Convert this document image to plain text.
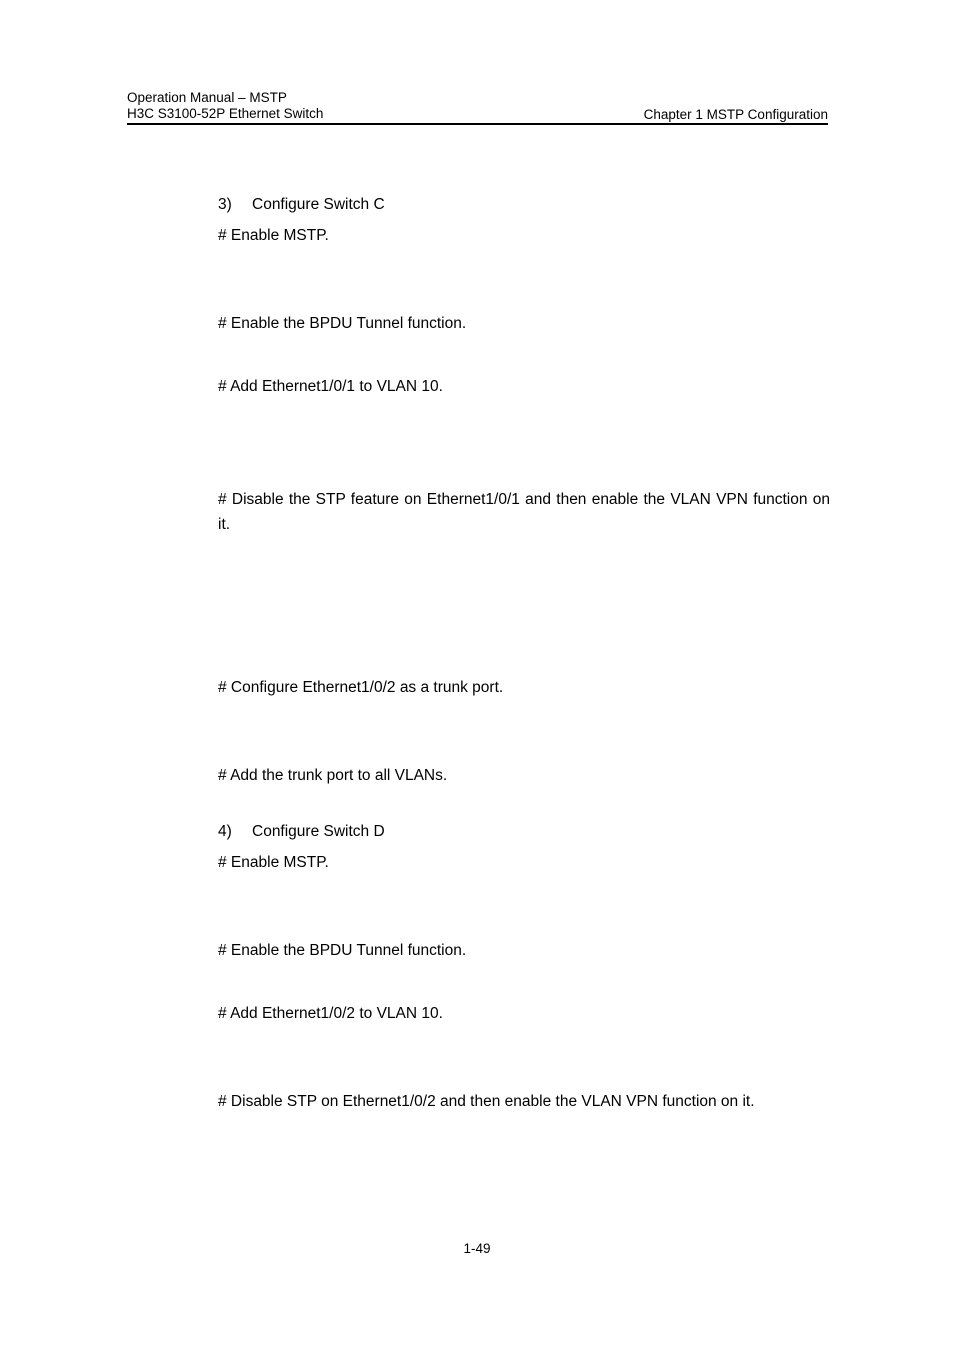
Operation Manual – MSTP
H3C S3100-52P Ethernet Switch	Chapter 1 MSTP Configuration
3) Configure Switch C
# Enable MSTP.
# Enable the BPDU Tunnel function.
# Add Ethernet1/0/1 to VLAN 10.
# Disable the STP feature on Ethernet1/0/1 and then enable the VLAN VPN function on it.
# Configure Ethernet1/0/2 as a trunk port.
# Add the trunk port to all VLANs.
4) Configure Switch D
# Enable MSTP.
# Enable the BPDU Tunnel function.
# Add Ethernet1/0/2 to VLAN 10.
# Disable STP on Ethernet1/0/2 and then enable the VLAN VPN function on it.
1-49
